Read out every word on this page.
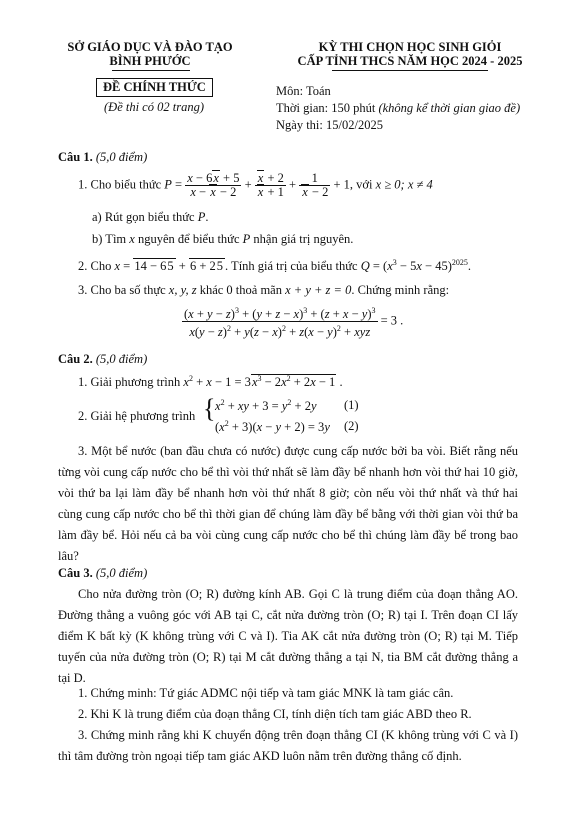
SỞ GIÁO DỤC VÀ ĐÀO TẠO
BÌNH PHƯỚC
KỲ THI CHỌN HỌC SINH GIỎI
CẤP TỈNH THCS NĂM HỌC 2024 - 2025
ĐỀ CHÍNH THỨC
(Đề thi có 02 trang)
Môn: Toán
Thời gian: 150 phút (không kể thời gian giao đề)
Ngày thi: 15/02/2025
Câu 1. (5,0 điểm)
1. Cho biểu thức $P = \frac{x - 6x + 5}{x - x - 2} + \frac{x + 2}{x + 1} + \frac{1}{x - 2} + 1$, với x ≥ 0; x ≠ 4
a) Rút gọn biểu thức P.
b) Tìm x nguyên để biểu thức P nhận giá trị nguyên.
2. Cho x = 14 − 65 + 6 + 25 . Tính giá trị của biểu thức $Q = (x^3 - 5x - 45)^{2025}$.
3. Cho ba số thực x, y, z khác 0 thoả mãn x + y + z = 0. Chứng minh rằng:
$\frac{(x + y - z)^3 + (y + z - x)^3 + (z + x - y)^3}{x(y - z)^2 + y(z - x)^2 + z(x - y)^2 + xyz} = 3$ .
Câu 2. (5,0 điểm)
1. Giải phương trình $x^2 + x - 1 = 3x^3 - 2x^2 + 2x - 1$ .
2. Giải hệ phương trình { $x^2$ + xy + $3 = y^2 + 2y$ (1)
$(x^2 + 3)(x - y + 2) = 3y$ (2)
3. Một bể nước (ban đầu chưa có nước) được cung cấp nước bởi ba vòi. Biết rằng nếu từng vòi cung cấp nước cho bể thì vòi thứ nhất sẽ làm đầy bể nhanh hơn vòi thứ hai 10 giờ, vòi thứ ba lại làm đầy bể nhanh hơn vòi thứ nhất 8 giờ; còn nếu vòi thứ nhất và thứ hai cùng cung cấp nước cho bể thì thời gian để chúng làm đầy bể bằng với thời gian vòi thứ ba làm đầy bể. Hỏi nếu cả ba vòi cùng cung cấp nước cho bể thì chúng làm đầy bể trong bao lâu?
Câu 3. (5,0 điểm)
Cho nửa đường tròn (O; R) đường kính AB. Gọi C là trung điểm của đoạn thẳng AO. Đường thẳng a vuông góc với AB tại C, cắt nửa đường tròn (O; R) tại I. Trên đoạn CI lấy điểm K bất kỳ (K không trùng với C và I). Tia AK cắt nửa đường tròn (O; R) tại M. Tiếp tuyến của nửa đường tròn (O; R) tại M cắt đường thẳng a tại N, tia BM cắt đường thẳng a tại D.
1. Chứng minh: Tứ giác ADMC nội tiếp và tam giác MNK là tam giác cân.
2. Khi K là trung điểm của đoạn thẳng CI, tính diện tích tam giác ABD theo R.
3. Chứng minh rằng khi K chuyển động trên đoạn thẳng CI (K không trùng với C và I) thì tâm đường tròn ngoại tiếp tam giác AKD luôn nằm trên đường thẳng cố định.
